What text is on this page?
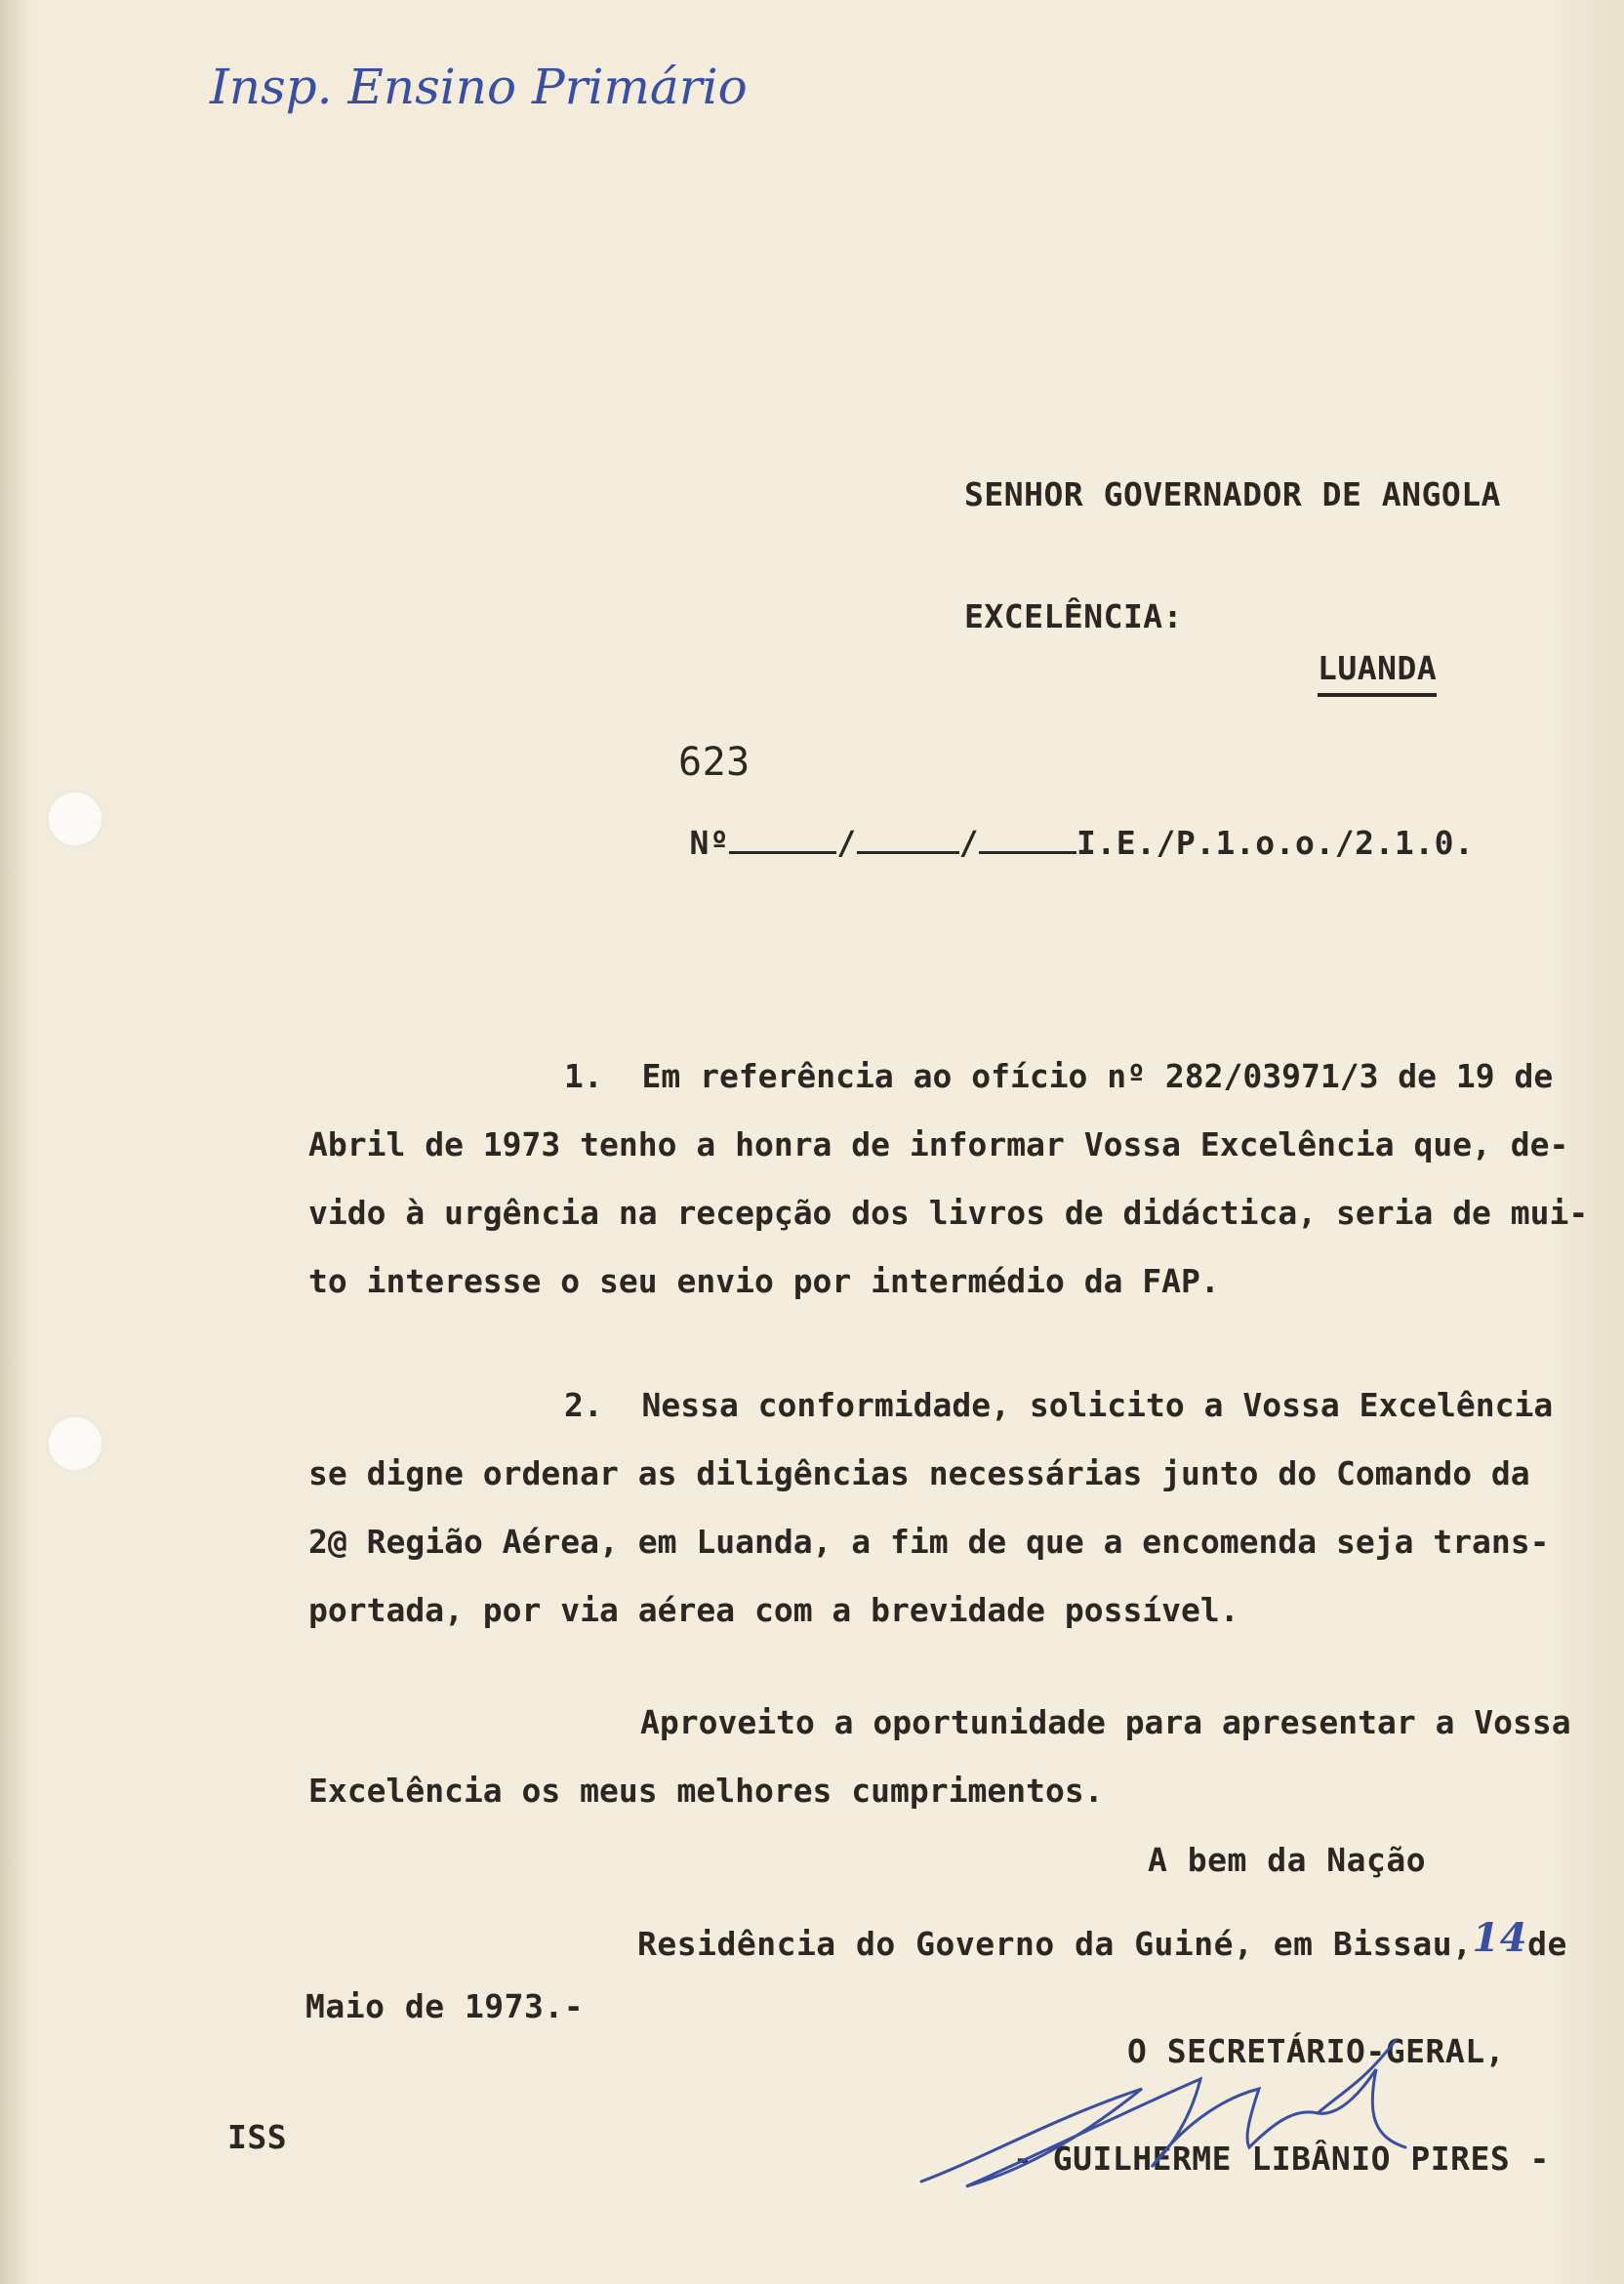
Insp. Ensino Primário
SENHOR GOVERNADOR DE ANGOLA
EXCELÊNCIA:
LUANDA

Nº	/	/	I.E./P.1.o.o./2.1.0.

623
1.  Em referência ao ofício nº 282/03971/3 de 19 de
Abril de 1973 tenho a honra de informar Vossa Excelência que, de-
vido à urgência na recepção dos livros de didáctica, seria de mui-
to interesse o seu envio por intermédio da FAP.
2.  Nessa conformidade, solicito a Vossa Excelência
se digne ordenar as diligências necessárias junto do Comando da
2@ Região Aérea, em Luanda, a fim de que a encomenda seja trans-
portada, por via aérea com a brevidade possível.
Aproveito a oportunidade para apresentar a Vossa
Excelência os meus melhores cumprimentos.
A bem da Nação
Residência do Governo da Guiné, em Bissau,14de
Maio de 1973.-
O SECRETÁRIO-GERAL,
- GUILHERME LIBÂNIO PIRES -
ISS
